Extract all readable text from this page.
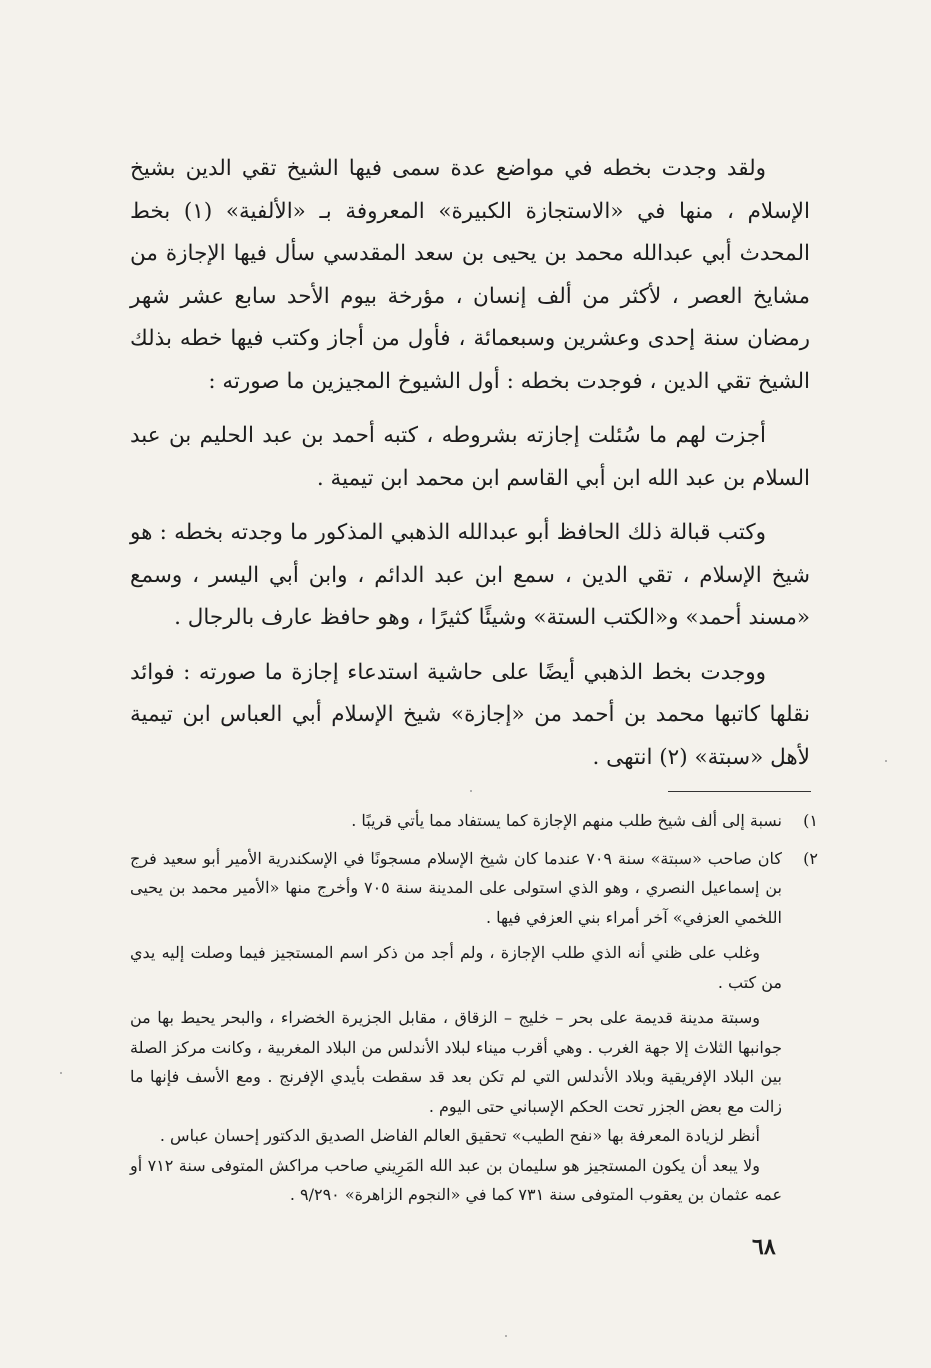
ولقد وجدت بخطه في مواضع عدة سمى فيها الشيخ تقي الدين بشيخ الإسلام ، منها في «الاستجازة الكبيرة» المعروفة بـ «الألفية» (١) بخط المحدث أبي عبدالله محمد بن يحيى بن سعد المقدسي سأل فيها الإجازة من مشايخ العصر ، لأكثر من ألف إنسان ، مؤرخة بيوم الأحد سابع عشر شهر رمضان سنة إحدى وعشرين وسبعمائة ، فأول من أجاز وكتب فيها خطه بذلك الشيخ تقي الدين ، فوجدت بخطه : أول الشيوخ المجيزين ما صورته :

أجزت لهم ما سُئلت إجازته بشروطه ، كتبه أحمد بن عبد الحليم بن عبد السلام بن عبد الله ابن أبي القاسم ابن محمد ابن تيمية .

وكتب قبالة ذلك الحافظ أبو عبدالله الذهبي المذكور ما وجدته بخطه : هو شيخ الإسلام ، تقي الدين ، سمع ابن عبد الدائم ، وابن أبي اليسر ، وسمع «مسند أحمد» و«الكتب الستة» وشيئًا كثيرًا ، وهو حافظ عارف بالرجال .

ووجدت بخط الذهبي أيضًا على حاشية استدعاء إجازة ما صورته : فوائد نقلها كاتبها محمد بن أحمد من «إجازة» شيخ الإسلام أبي العباس ابن تيمية لأهل «سبتة» (٢) انتهى .

١)

نسبة إلى ألف شيخ طلب منهم الإجازة كما يستفاد مما يأتي قريبًا .

٢)

كان صاحب «سبتة» سنة ٧٠٩ عندما كان شيخ الإسلام مسجونًا في الإسكندرية الأمير أبو سعيد فرج بن إسماعيل النصري ، وهو الذي استولى على المدينة سنة ٧٠٥ وأخرج منها «الأمير محمد بن يحيى اللخمي العزفي» آخر أمراء بني العزفي فيها .

وغلب على ظني أنه الذي طلب الإجازة ، ولم أجد من ذكر اسم المستجيز فيما وصلت إليه يدي من كتب .

وسبتة مدينة قديمة على بحر – خليج – الزقاق ، مقابل الجزيرة الخضراء ، والبحر يحيط بها من جوانبها الثلاث إلا جهة الغرب . وهي أقرب ميناء لبلاد الأندلس من البلاد المغربية ، وكانت مركز الصلة بين البلاد الإفريقية وبلاد الأندلس التي لم تكن بعد قد سقطت بأيدي الإفرنج . ومع الأسف فإنها ما زالت مع بعض الجزر تحت الحكم الإسباني حتى اليوم .

أنظر لزيادة المعرفة بها «نفح الطيب» تحقيق العالم الفاضل الصديق الدكتور إحسان عباس .

ولا يبعد أن يكون المستجيز هو سليمان بن عبد الله المَرِيني صاحب مراكش المتوفى سنة ٧١٢ أو عمه عثمان بن يعقوب المتوفى سنة ٧٣١ كما في «النجوم الزاهرة» ٩/٢٩٠ .

٦٨
